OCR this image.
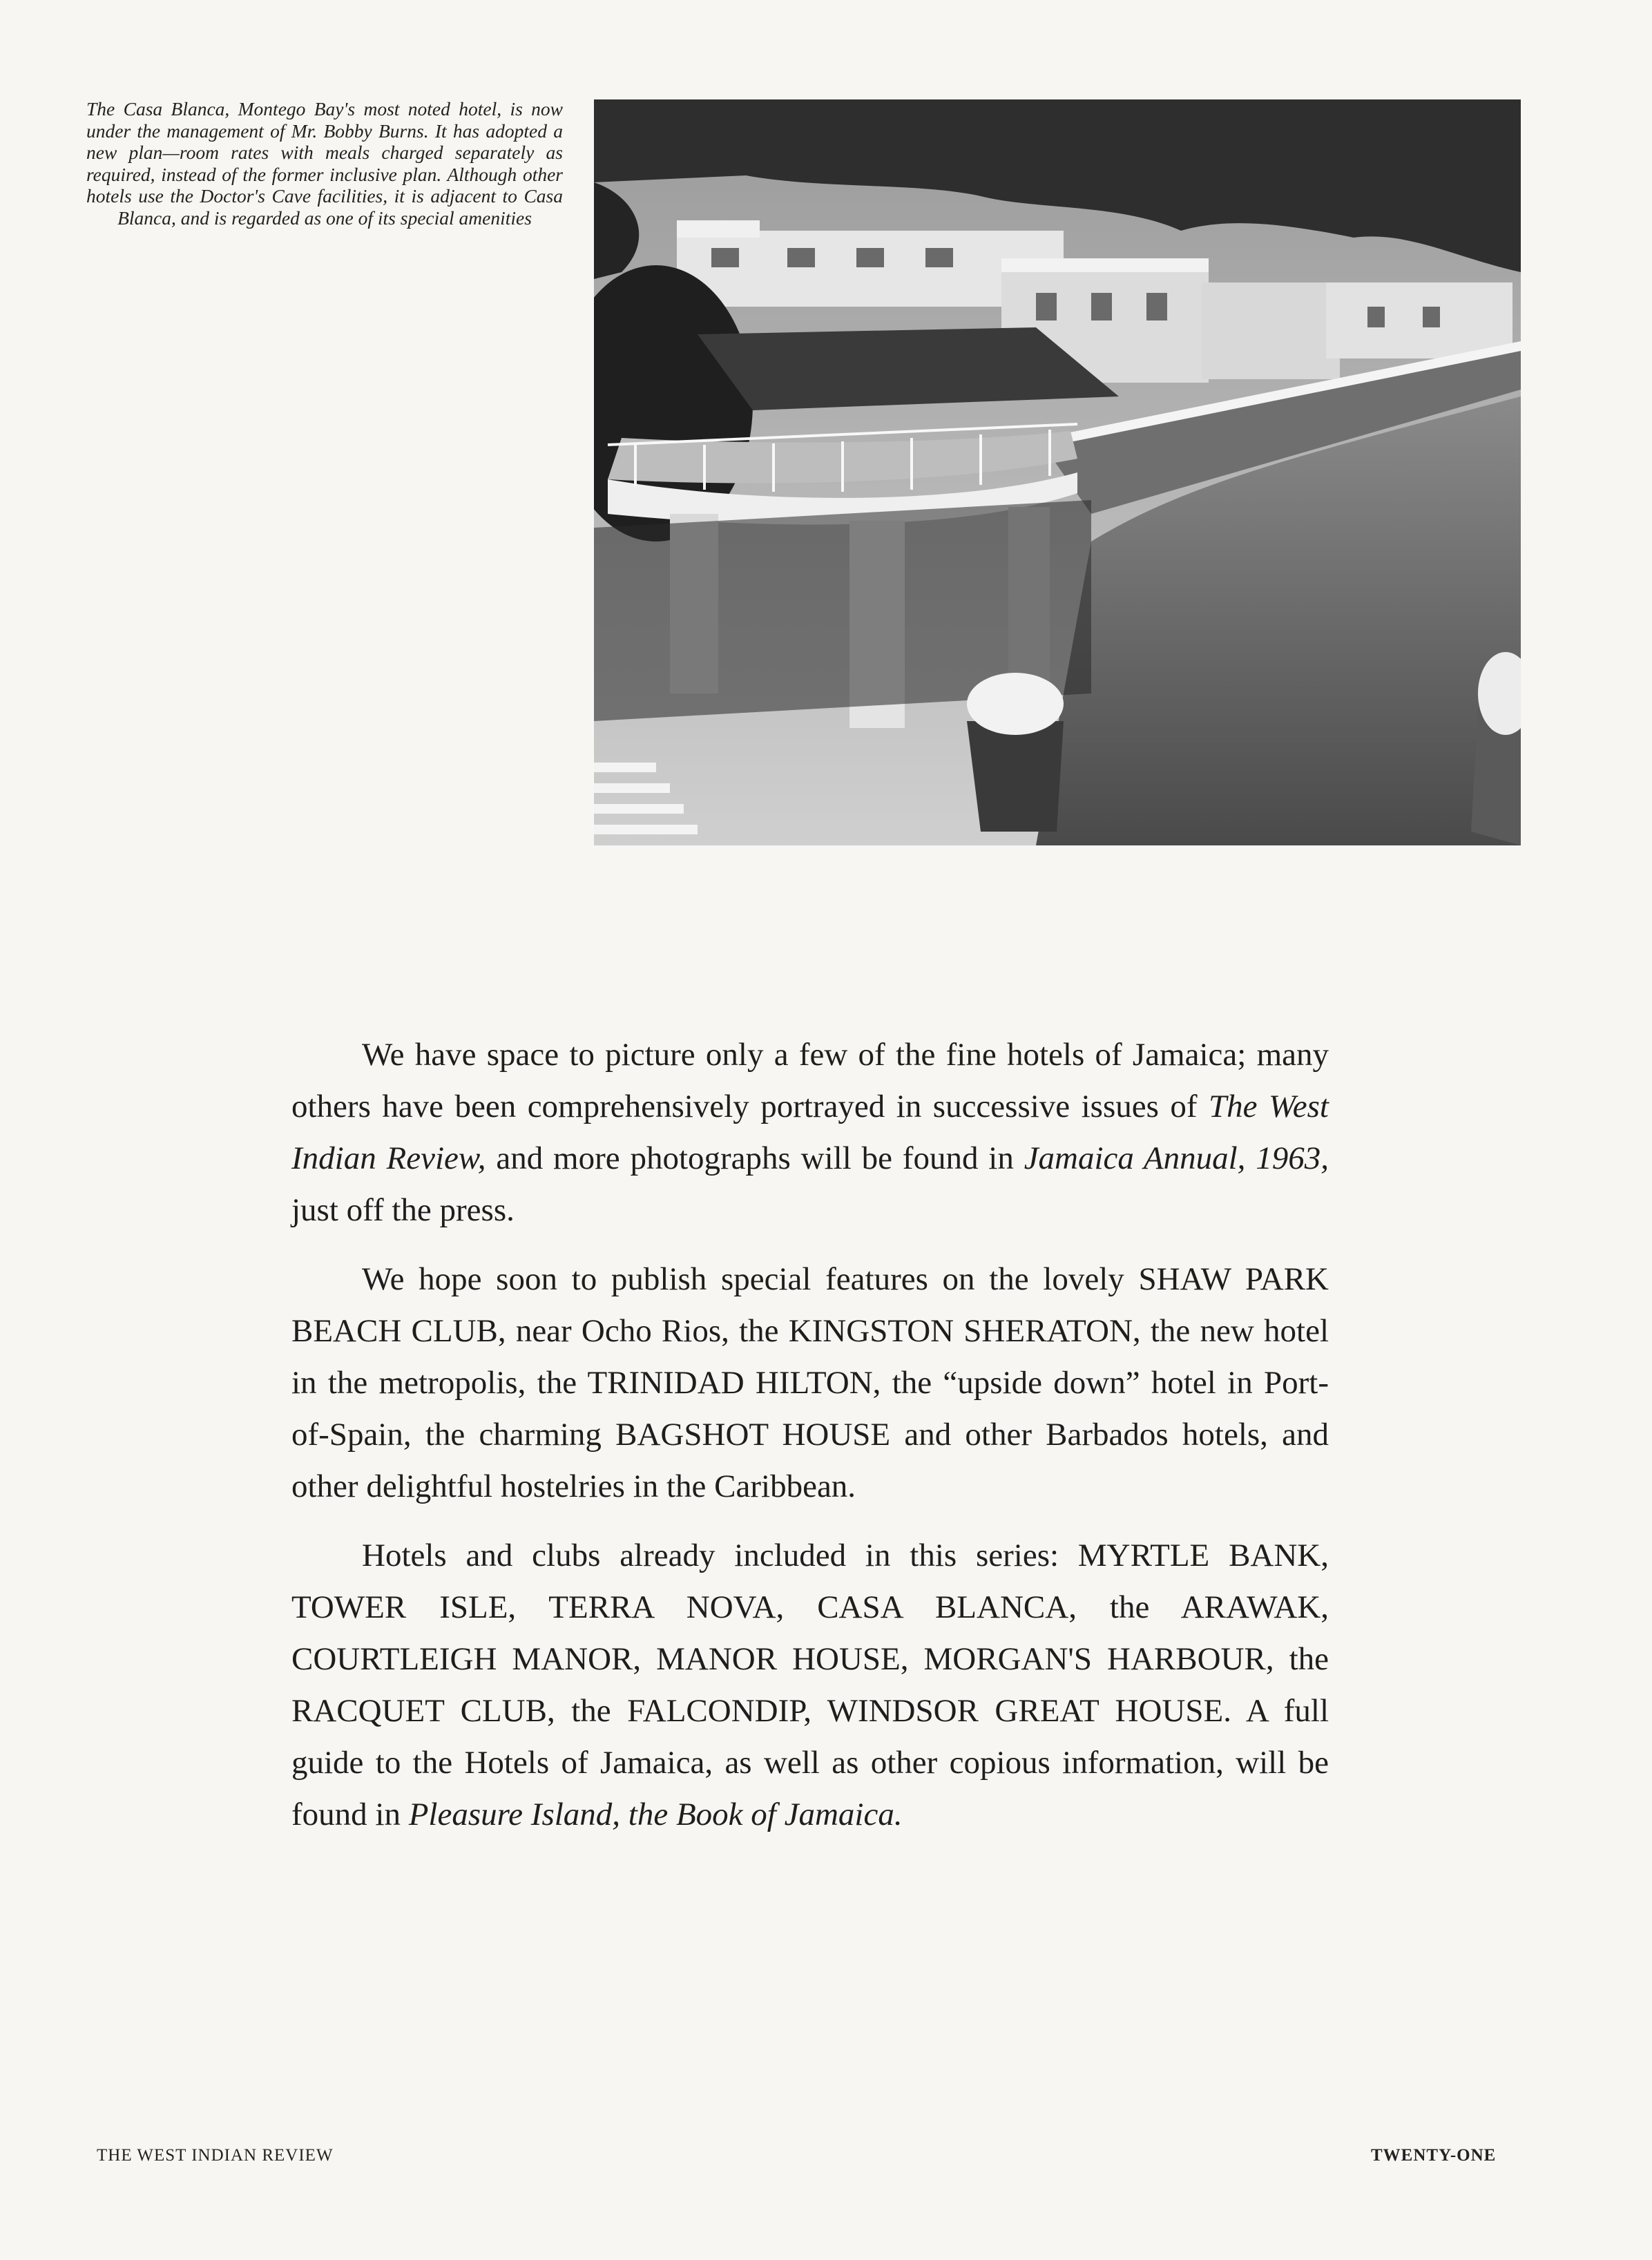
The Casa Blanca, Montego Bay's most noted hotel, is now under the management of Mr. Bobby Burns. It has adopted a new plan—room rates with meals charged separately as required, instead of the former inclusive plan. Although other hotels use the Doctor's Cave facilities, it is adjacent to Casa Blanca, and is regarded as one of its special amenities

We have space to picture only a few of the fine hotels of Jamaica; many others have been comprehensively portrayed in successive issues of The West Indian Review, and more photographs will be found in Jamaica Annual, 1963, just off the press.

We hope soon to publish special features on the lovely SHAW PARK BEACH CLUB, near Ocho Rios, the KINGSTON SHERATON, the new hotel in the metropolis, the TRINIDAD HILTON, the “upside down” hotel in Port-of-Spain, the charming BAGSHOT HOUSE and other Barbados hotels, and other delightful hostelries in the Caribbean.

Hotels and clubs already included in this series: MYRTLE BANK, TOWER ISLE, TERRA NOVA, CASA BLANCA, the ARAWAK, COURTLEIGH MANOR, MANOR HOUSE, MORGAN'S HARBOUR, the RACQUET CLUB, the FALCONDIP, WINDSOR GREAT HOUSE. A full guide to the Hotels of Jamaica, as well as other copious information, will be found in Pleasure Island, the Book of Jamaica.

THE WEST INDIAN REVIEW	TWENTY-ONE
